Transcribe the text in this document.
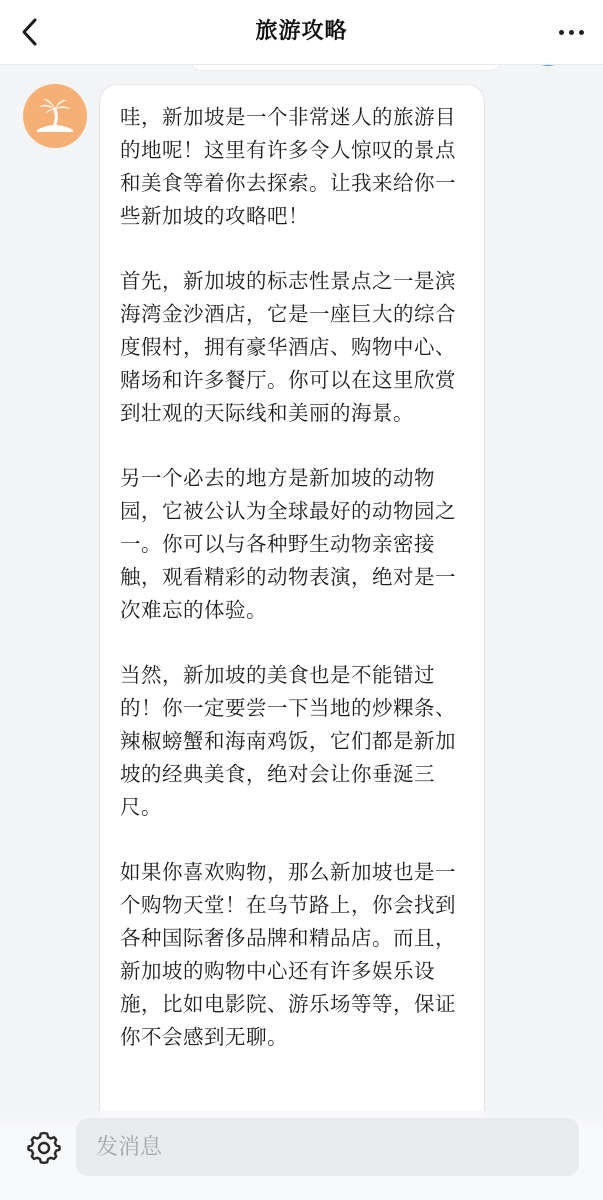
旅游攻略

哇，新加坡是一个非常迷人的旅游目的地呢！这里有许多令人惊叹的景点和美食等着你去探索。让我来给你一些新加坡的攻略吧！

首先，新加坡的标志性景点之一是滨海湾金沙酒店，它是一座巨大的综合度假村，拥有豪华酒店、购物中心、赌场和许多餐厅。你可以在这里欣赏到壮观的天际线和美丽的海景。

另一个必去的地方是新加坡的动物园，它被公认为全球最好的动物园之一。你可以与各种野生动物亲密接触，观看精彩的动物表演，绝对是一次难忘的体验。

当然，新加坡的美食也是不能错过的！你一定要尝一下当地的炒粿条、辣椒螃蟹和海南鸡饭，它们都是新加坡的经典美食，绝对会让你垂涎三尺。

如果你喜欢购物，那么新加坡也是一个购物天堂！在乌节路上，你会找到各种国际奢侈品牌和精品店。而且，新加坡的购物中心还有许多娱乐设施，比如电影院、游乐场等等，保证你不会感到无聊。

发消息
